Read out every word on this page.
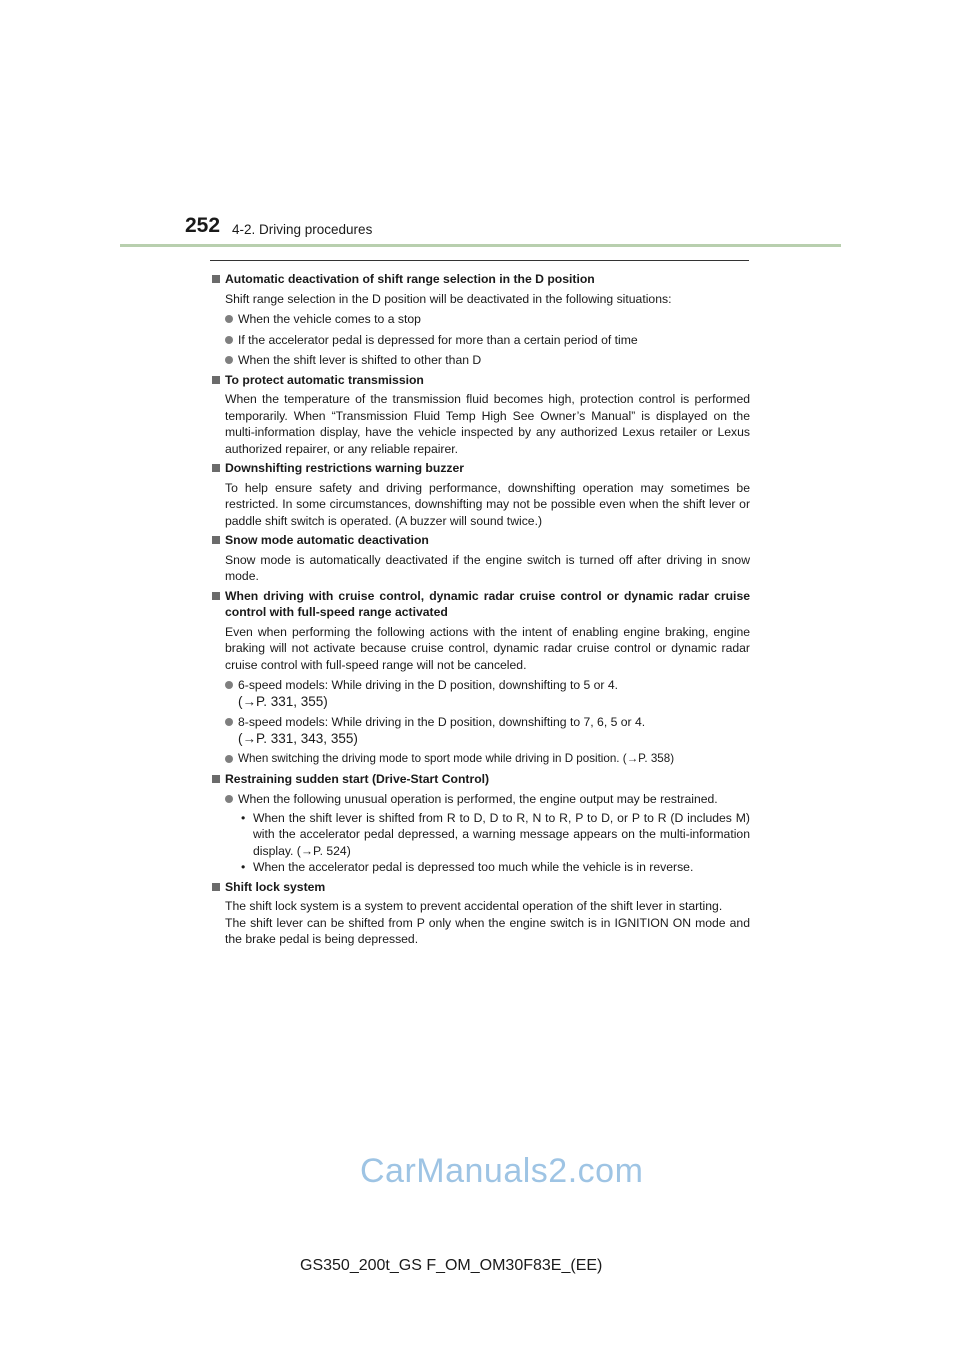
252 4-2. Driving procedures
Automatic deactivation of shift range selection in the D position
Shift range selection in the D position will be deactivated in the following situations:
When the vehicle comes to a stop
If the accelerator pedal is depressed for more than a certain period of time
When the shift lever is shifted to other than D
To protect automatic transmission
When the temperature of the transmission fluid becomes high, protection control is performed temporarily. When “Transmission Fluid Temp High See Owner’s Manual” is displayed on the multi-information display, have the vehicle inspected by any authorized Lexus retailer or Lexus authorized repairer, or any reliable repairer.
Downshifting restrictions warning buzzer
To help ensure safety and driving performance, downshifting operation may sometimes be restricted. In some circumstances, downshifting may not be possible even when the shift lever or paddle shift switch is operated. (A buzzer will sound twice.)
Snow mode automatic deactivation
Snow mode is automatically deactivated if the engine switch is turned off after driving in snow mode.
When driving with cruise control, dynamic radar cruise control or dynamic radar cruise control with full-speed range activated
Even when performing the following actions with the intent of enabling engine braking, engine braking will not activate because cruise control, dynamic radar cruise control or dynamic radar cruise control with full-speed range will not be canceled.
6-speed models: While driving in the D position, downshifting to 5 or 4.
(→P. 331, 355)
8-speed models: While driving in the D position, downshifting to 7, 6, 5 or 4.
(→P. 331, 343, 355)
When switching the driving mode to sport mode while driving in D position. (→P. 358)
Restraining sudden start (Drive-Start Control)
When the following unusual operation is performed, the engine output may be restrained.
• When the shift lever is shifted from R to D, D to R, N to R, P to D, or P to R (D includes M) with the accelerator pedal depressed, a warning message appears on the multi-information display. (→P. 524)
• When the accelerator pedal is depressed too much while the vehicle is in reverse.
Shift lock system
The shift lock system is a system to prevent accidental operation of the shift lever in starting.
The shift lever can be shifted from P only when the engine switch is in IGNITION ON mode and the brake pedal is being depressed.
CarManuals2.com
GS350_200t_GS F_OM_OM30F83E_(EE)
